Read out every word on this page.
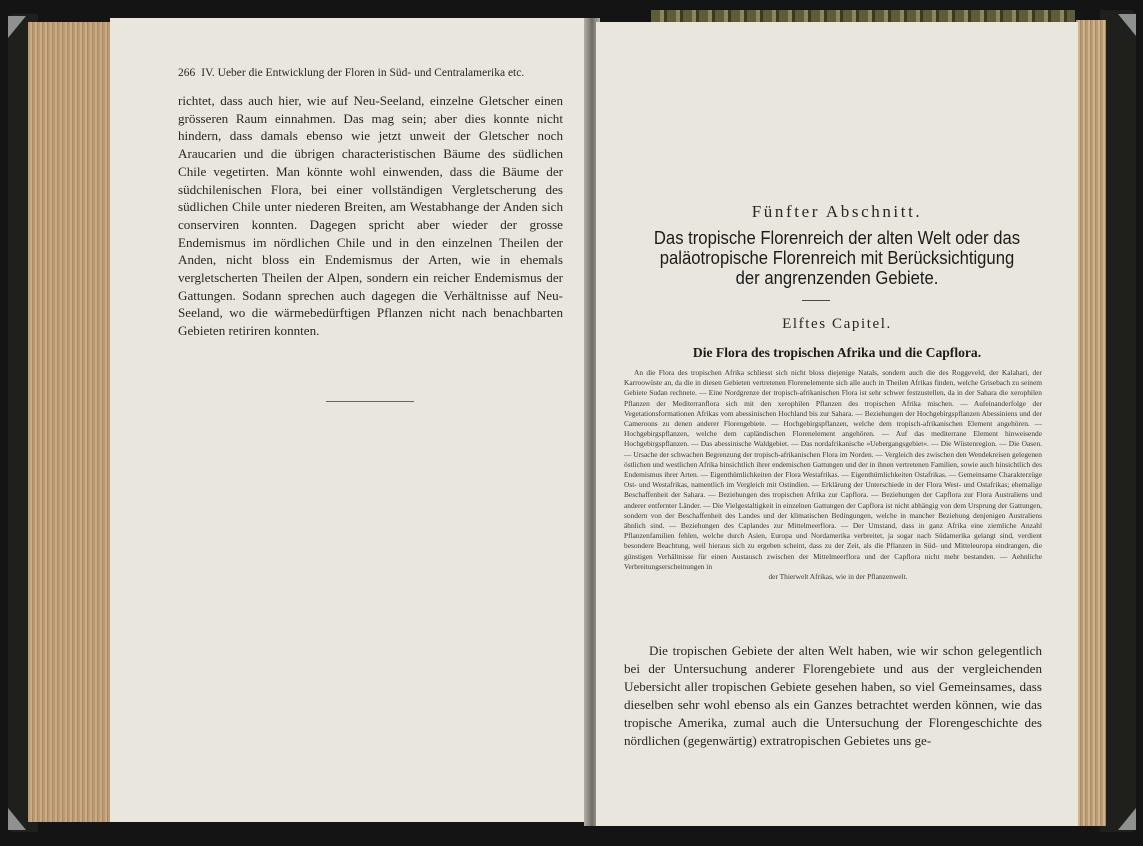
266 IV. Ueber die Entwicklung der Floren in Süd- und Centralamerika etc.

richtet, dass auch hier, wie auf Neu-Seeland, einzelne Gletscher einen grösseren Raum einnahmen. Das mag sein; aber dies konnte nicht hindern, dass damals ebenso wie jetzt unweit der Gletscher noch Araucarien und die übrigen characteristischen Bäume des südlichen Chile vegetirten. Man könnte wohl einwenden, dass die Bäume der südchilenischen Flora, bei einer vollständigen Vergletscherung des südlichen Chile unter niederen Breiten, am Westabhange der Anden sich conserviren konnten. Dagegen spricht aber wieder der grosse Endemismus im nördlichen Chile und in den einzelnen Theilen der Anden, nicht bloss ein Endemismus der Arten, wie in ehemals vergletscherten Theilen der Alpen, sondern ein reicher Endemismus der Gattungen. Sodann sprechen auch dagegen die Verhältnisse auf Neu-Seeland, wo die wärmebedürftigen Pflanzen nicht nach benachbarten Gebieten retiriren konnten.

Fünfter Abschnitt.
Das tropische Florenreich der alten Welt oder das paläotropische Florenreich mit Berücksichtigung der angrenzenden Gebiete.
Elftes Capitel.
Die Flora des tropischen Afrika und die Capflora.

An die Flora des tropischen Afrika schliesst sich nicht bloss diejenige Natals, sondern auch die des Roggeveld, der Kalahari, der Karroowüste an, da die in diesen Gebieten vertretenen Florenelemente sich alle auch in Theilen Afrikas finden, welche Grisebach zu seinem Gebiete Sudan rechnete. — Eine Nordgrenze der tropisch-afrikanischen Flora ist sehr schwer festzustellen, da in der Sahara die xerophilen Pflanzen der Mediterranflora sich mit den xerophilen Pflanzen des tropischen Afrika mischen. — Aufeinanderfolge der Vegetationsformationen Afrikas vom abessinischen Hochland bis zur Sahara. — Beziehungen der Hochgebirgspflanzen Abessiniens und der Cameroons zu denen anderer Florengebiete. — Hochgebirgspflanzen, welche dem tropisch-afrikanischen Element angehören. — Hochgebirgspflanzen, welche dem capländischen Florenelement angehören. — Auf das mediterrane Element hinweisende Hochgebirgspflanzen. — Das abessinische Waldgebiet. — Das nordafrikanische »Uebergangsgebiet«. — Die Wüstenregion. — Die Oasen. — Ursache der schwachen Begrenzung der tropisch-afrikanischen Flora im Norden. — Vergleich des zwischen den Wendekreisen gelegenen östlichen und westlichen Afrika hinsichtlich ihrer endemischen Gattungen und der in ihnen vertretenen Familien, sowie auch hinsichtlich des Endemismus ihrer Arten. — Eigenthümlichkeiten der Flora Westafrikas. — Eigenthümlichkeiten Ostafrikas. — Gemeinsame Charakterzüge Ost- und Westafrikas, namentlich im Vergleich mit Ostindien. — Erklärung der Unterschiede in der Flora West- und Ostafrikas; ehemalige Beschaffenheit der Sahara. — Beziehungen des tropischen Afrika zur Capflora. — Beziehungen der Capflora zur Flora Australiens und anderer entfernter Länder. — Die Vielgestaltigkeit in einzelnen Gattungen der Capflora ist nicht abhängig von dem Ursprung der Gattungen, sondern von der Beschaffenheit des Landes und der klimatischen Bedingungen, welche in mancher Beziehung denjenigen Australiens ähnlich sind. — Beziehungen des Caplandes zur Mittelmeerflora. — Der Umstand, dass in ganz Afrika eine ziemliche Anzahl Pflanzenfamilien fehlen, welche durch Asien, Europa und Nordamerika verbreitet, ja sogar nach Südamerika gelangt sind, verdient besondere Beachtung, weil hieraus sich zu ergeben scheint, dass zu der Zeit, als die Pflanzen in Süd- und Mitteleuropa eindrangen, die günstigen Verhältnisse für einen Austausch zwischen der Mittelmeerflora und der Capflora nicht mehr bestanden. — Aehnliche Verbreitungserscheinungen in
der Thierwelt Afrikas, wie in der Pflanzenwelt.

Die tropischen Gebiete der alten Welt haben, wie wir schon gelegentlich bei der Untersuchung anderer Florengebiete und aus der vergleichenden Uebersicht aller tropischen Gebiete gesehen haben, so viel Gemeinsames, dass dieselben sehr wohl ebenso als ein Ganzes betrachtet werden können, wie das tropische Amerika, zumal auch die Untersuchung der Florengeschichte des nördlichen (gegenwärtig) extratropischen Gebietes uns ge-
